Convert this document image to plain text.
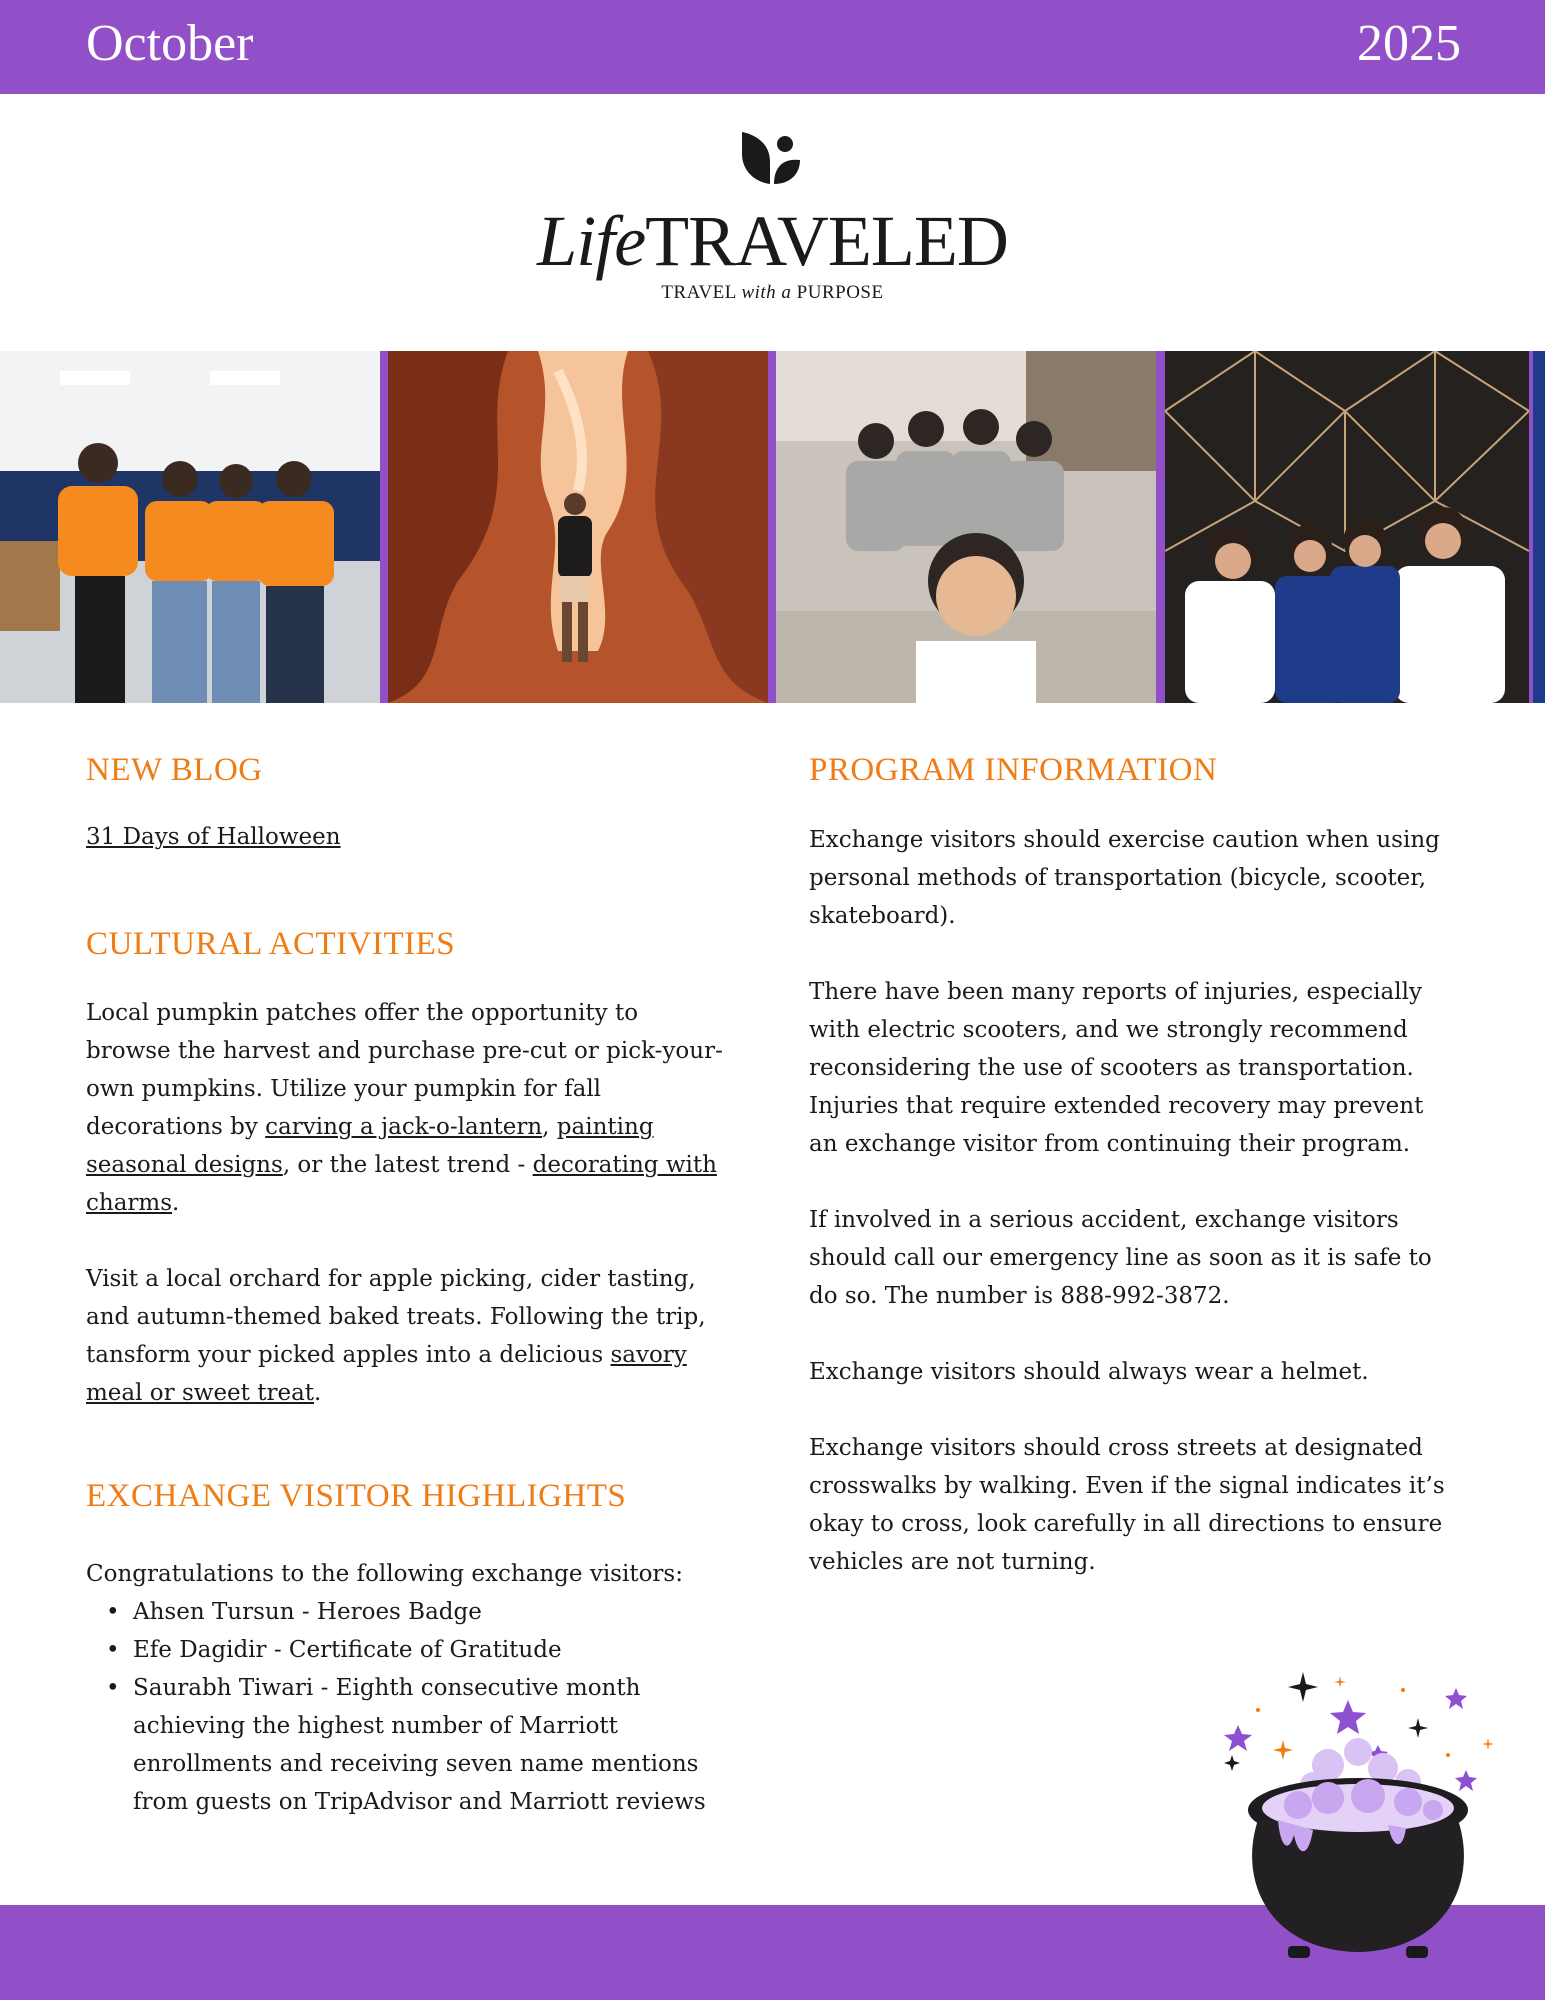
October	2025
LifeTRAVELED
TRAVEL with a PURPOSE
NEW BLOG
31 Days of Halloween
CULTURAL ACTIVITIES

Local pumpkin patches offer the opportunity to browse the harvest and purchase pre-cut or pick-your-own pumpkins. Utilize your pumpkin for fall decorations by carving a jack-o-lantern, painting seasonal designs, or the latest trend - decorating with charms.

Visit a local orchard for apple picking, cider tasting, and autumn-themed baked treats. Following the trip, tansform your picked apples into a delicious savory meal or sweet treat.

EXCHANGE VISITOR HIGHLIGHTS
Congratulations to the following exchange visitors:
• Ahsen Tursun - Heroes Badge
• Efe Dagidir - Certificate of Gratitude
• Saurabh Tiwari - Eighth consecutive month achieving the highest number of Marriott enrollments and receiving seven name mentions from guests on TripAdvisor and Marriott reviews
PROGRAM INFORMATION

Exchange visitors should exercise caution when using personal methods of transportation (bicycle, scooter, skateboard).

There have been many reports of injuries, especially with electric scooters, and we strongly recommend reconsidering the use of scooters as transportation. Injuries that require extended recovery may prevent an exchange visitor from continuing their program.

If involved in a serious accident, exchange visitors should call our emergency line as soon as it is safe to do so. The number is 888-992-3872.

Exchange visitors should always wear a helmet.

Exchange visitors should cross streets at designated crosswalks by walking. Even if the signal indicates it’s okay to cross, look carefully in all directions to ensure vehicles are not turning.
